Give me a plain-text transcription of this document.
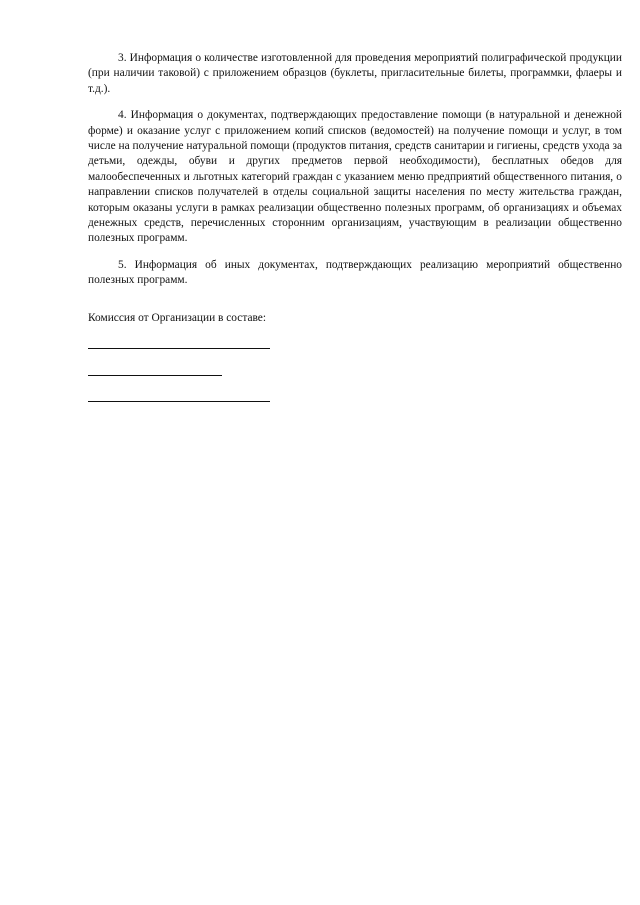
3. Информация о количестве изготовленной для проведения мероприятий полиграфической продукции (при наличии таковой) с приложением образцов (буклеты, пригласительные билеты, программки, флаеры и т.д.).

4. Информация о документах, подтверждающих предоставление помощи (в натуральной и денежной форме) и оказание услуг с приложением копий списков (ведомостей) на получение помощи и услуг, в том числе на получение натуральной помощи (продуктов питания, средств санитарии и гигиены, средств ухода за детьми, одежды, обуви и других предметов первой необходимости), бесплатных обедов для малообеспеченных и льготных категорий граждан с указанием меню предприятий общественного питания, о направлении списков получателей в отделы социальной защиты населения по месту жительства граждан, которым оказаны услуги в рамках реализации общественно полезных программ, об организациях и объемах денежных средств, перечисленных сторонним организациям, участвующим в реализации общественно полезных программ.

5. Информация об иных документах, подтверждающих реализацию мероприятий общественно полезных программ.

Комиссия от Организации в составе:
